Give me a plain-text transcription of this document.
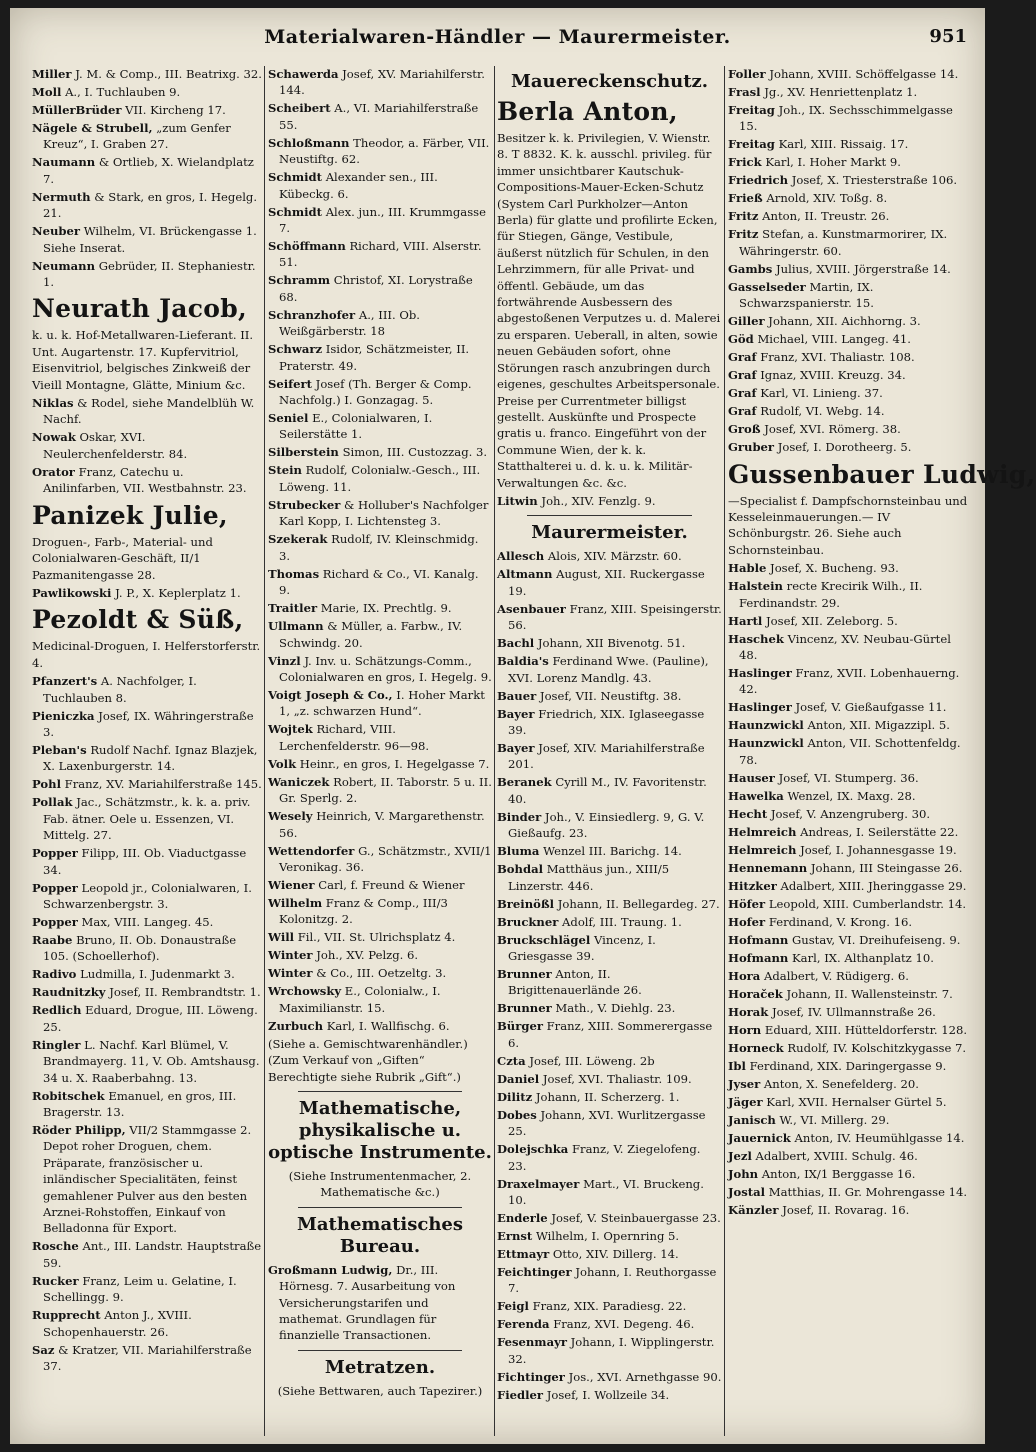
Materialwaren-Händler — Maurermeister.	951
Miller J. M. & Comp., III. Beatrixg. 32.
Moll A., I. Tuchlauben 9.
MüllerBrüder VII. Kircheng 17.
Nägele & Strubell, „zum Genfer Kreuz“, I. Graben 27.
Naumann & Ortlieb, X. Wielandplatz 7.
Nermuth & Stark, en gros, I. Hegelg. 21.
Neuber Wilhelm, VI. Brückengasse 1. Siehe Inserat.
Neumann Gebrüder, II. Stephaniestr. 1.
Neurath Jacob,
k. u. k. Hof-Metallwaren-Lieferant. II. Unt. Augartenstr. 17. Kupfervitriol, Eisenvitriol, belgisches Zinkweiß der Vieill Montagne, Glätte, Minium &c.
Niklas & Rodel, siehe Mandelblüh W. Nachf.
Nowak Oskar, XVI. Neulerchenfelderstr. 84.
Orator Franz, Catechu u. Anilinfarben, VII. Westbahnstr. 23.
Panizek Julie,
Droguen-, Farb-, Material- und Colonialwaren-Geschäft, II/1 Pazmanitengasse 28.
Pawlikowski J. P., X. Keplerplatz 1.
Pezoldt & Süß,
Medicinal-Droguen, I. Helferstorferstr. 4.
Pfanzert's A. Nachfolger, I. Tuchlauben 8.
Pieniczka Josef, IX. Währingerstraße 3.
Pleban's Rudolf Nachf. Ignaz Blazjek, X. Laxenburgerstr. 14.
Pohl Franz, XV. Mariahilferstraße 145.
Pollak Jac., Schätzmstr., k. k. a. priv. Fab. ätner. Oele u. Essenzen, VI. Mittelg. 27.
Popper Filipp, III. Ob. Viaductgasse 34.
Popper Leopold jr., Colonialwaren, I. Schwarzenbergstr. 3.
Popper Max, VIII. Langeg. 45.
Raabe Bruno, II. Ob. Donaustraße 105. (Schoellerhof).
Radivo Ludmilla, I. Judenmarkt 3.
Raudnitzky Josef, II. Rembrandtstr. 1.
Redlich Eduard, Drogue, III. Löweng. 25.
Ringler L. Nachf. Karl Blümel, V. Brandmayerg. 11, V. Ob. Amtshausg. 34 u. X. Raaberbahng. 13.
Robitschek Emanuel, en gros, III. Bragerstr. 13.
Röder Philipp, VII/2 Stammgasse 2. Depot roher Droguen, chem. Präparate, französischer u. inländischer Specialitäten, feinst gemahlener Pulver aus den besten Arznei-Rohstoffen, Einkauf von Belladonna für Export.
Rosche Ant., III. Landstr. Hauptstraße 59.
Rucker Franz, Leim u. Gelatine, I. Schellingg. 9.
Rupprecht Anton J., XVIII. Schopenhauerstr. 26.
Saz & Kratzer, VII. Mariahilferstraße 37.
Schawerda Josef, XV. Mariahilferstr. 144.
Scheibert A., VI. Mariahilferstraße 55.
Schloßmann Theodor, a. Färber, VII. Neustiftg. 62.
Schmidt Alexander sen., III. Kübeckg. 6.
Schmidt Alex. jun., III. Krummgasse 7.
Schöffmann Richard, VIII. Alserstr. 51.
Schramm Christof, XI. Lorystraße 68.
Schranzhofer A., III. Ob. Weißgärberstr. 18
Schwarz Isidor, Schätzmeister, II. Praterstr. 49.
Seifert Josef (Th. Berger & Comp. Nachfolg.) I. Gonzagag. 5.
Seniel E., Colonialwaren, I. Seilerstätte 1.
Silberstein Simon, III. Custozzag. 3.
Stein Rudolf, Colonialw.-Gesch., III. Löweng. 11.
Strubecker & Holluber's Nachfolger Karl Kopp, I. Lichtensteg 3.
Szekerak Rudolf, IV. Kleinschmidg. 3.
Thomas Richard & Co., VI. Kanalg. 9.
Traitler Marie, IX. Prechtlg. 9.
Ullmann & Müller, a. Farbw., IV. Schwindg. 20.
Vinzl J. Inv. u. Schätzungs-Comm., Colonialwaren en gros, I. Hegelg. 9.
Voigt Joseph & Co., I. Hoher Markt 1, „z. schwarzen Hund“.
Wojtek Richard, VIII. Lerchenfelderstr. 96—98.
Volk Heinr., en gros, I. Hegelgasse 7.
Waniczek Robert, II. Taborstr. 5 u. II. Gr. Sperlg. 2.
Wesely Heinrich, V. Margarethenstr. 56.
Wettendorfer G., Schätzmstr., XVII/1 Veronikag. 36.
Wiener Carl, f. Freund & Wiener
Wilhelm Franz & Comp., III/3 Kolonitzg. 2.
Will Fil., VII. St. Ulrichsplatz 4.
Winter Joh., XV. Pelzg. 6.
Winter & Co., III. Oetzeltg. 3.
Wrchowsky E., Colonialw., I. Maximilianstr. 15.
Zurbuch Karl, I. Wallfischg. 6.
(Siehe a. Gemischtwarenhändler.) (Zum Verkauf von „Giften“ Berechtigte siehe Rubrik „Gift“.)
Mathematische, physikalische u. optische Instrumente.
(Siehe Instrumentenmacher, 2. Mathematische &c.)
Mathematisches Bureau.
Großmann Ludwig, Dr., III. Hörnesg. 7. Ausarbeitung von Versicherungstarifen und mathemat. Grundlagen für finanzielle Transactionen.
Metratzen.
(Siehe Bettwaren, auch Tapezirer.)
Mauereckenschutz.
Berla Anton,
Besitzer k. k. Privilegien, V. Wienstr. 8. T 8832. K. k. ausschl. privileg. für immer unsichtbarer Kautschuk-Compositions-Mauer-Ecken-Schutz (System Carl Purkholzer—Anton Berla) für glatte und profilirte Ecken, für Stiegen, Gänge, Vestibule, äußerst nützlich für Schulen, in den Lehrzimmern, für alle Privat- und öffentl. Gebäude, um das fortwährende Ausbessern des abgestoßenen Verputzes u. d. Malerei zu ersparen. Ueberall, in alten, sowie neuen Gebäuden sofort, ohne Störungen rasch anzubringen durch eigenes, geschultes Arbeitspersonale. Preise per Currentmeter billigst gestellt. Auskünfte und Prospecte gratis u. franco. Eingeführt von der Commune Wien, der k. k. Statthalterei u. d. k. u. k. Militär-Verwaltungen &c. &c.
Litwin Joh., XIV. Fenzlg. 9.
Maurermeister.
Allesch Alois, XIV. Märzstr. 60.
Altmann August, XII. Ruckergasse 19.
Asenbauer Franz, XIII. Speisingerstr. 56.
Bachl Johann, XII Bivenotg. 51.
Baldia's Ferdinand Wwe. (Pauline), XVI. Lorenz Mandlg. 43.
Bauer Josef, VII. Neustiftg. 38.
Bayer Friedrich, XIX. Iglaseegasse 39.
Bayer Josef, XIV. Mariahilferstraße 201.
Beranek Cyrill M., IV. Favoritenstr. 40.
Binder Joh., V. Einsiedlerg. 9, G. V. Gießaufg. 23.
Bluma Wenzel III. Barichg. 14.
Bohdal Matthäus jun., XIII/5 Linzerstr. 446.
Breinößl Johann, II. Bellegardeg. 27.
Bruckner Adolf, III. Traung. 1.
Bruckschlägel Vincenz, I. Griesgasse 39.
Brunner Anton, II. Brigittenauerlände 26.
Brunner Math., V. Diehlg. 23.
Bürger Franz, XIII. Sommerergasse 6.
Czta Josef, III. Löweng. 2b
Daniel Josef, XVI. Thaliastr. 109.
Dilitz Johann, II. Scherzerg. 1.
Dobes Johann, XVI. Wurlitzergasse 25.
Dolejschka Franz, V. Ziegelofeng. 23.
Draxelmayer Mart., VI. Bruckeng. 10.
Enderle Josef, V. Steinbauergasse 23.
Ernst Wilhelm, I. Opernring 5.
Ettmayr Otto, XIV. Dillerg. 14.
Feichtinger Johann, I. Reuthorgasse 7.
Feigl Franz, XIX. Paradiesg. 22.
Ferenda Franz, XVI. Degeng. 46.
Fesenmayr Johann, I. Wipplingerstr. 32.
Fichtinger Jos., XVI. Arnethgasse 90.
Fiedler Josef, I. Wollzeile 34.
Foller Johann, XVIII. Schöffelgasse 14.
Frasl Jg., XV. Henriettenplatz 1.
Freitag Joh., IX. Sechsschimmelgasse 15.
Freitag Karl, XIII. Rissaig. 17.
Frick Karl, I. Hoher Markt 9.
Friedrich Josef, X. Triesterstraße 106.
Frieß Arnold, XIV. Toßg. 8.
Fritz Anton, II. Treustr. 26.
Fritz Stefan, a. Kunstmarmorirer, IX. Währingerstr. 60.
Gambs Julius, XVIII. Jörgerstraße 14.
Gasselseder Martin, IX. Schwarzspanierstr. 15.
Giller Johann, XII. Aichhorng. 3.
Göd Michael, VIII. Langeg. 41.
Graf Franz, XVI. Thaliastr. 108.
Graf Ignaz, XVIII. Kreuzg. 34.
Graf Karl, VI. Linieng. 37.
Graf Rudolf, VI. Webg. 14.
Groß Josef, XVI. Römerg. 38.
Gruber Josef, I. Dorotheerg. 5.
Gussenbauer Ludwig,
—Specialist f. Dampfschornsteinbau und Kesseleinmauerungen.— IV Schönburgstr. 26. Siehe auch Schornsteinbau.
Hable Josef, X. Bucheng. 93.
Halstein recte Krecirik Wilh., II. Ferdinandstr. 29.
Hartl Josef, XII. Zeleborg. 5.
Haschek Vincenz, XV. Neubau-Gürtel 48.
Haslinger Franz, XVII. Lobenhauerng. 42.
Haslinger Josef, V. Gießaufgasse 11.
Haunzwickl Anton, XII. Migazzipl. 5.
Haunzwickl Anton, VII. Schottenfeldg. 78.
Hauser Josef, VI. Stumperg. 36.
Hawelka Wenzel, IX. Maxg. 28.
Hecht Josef, V. Anzengruberg. 30.
Helmreich Andreas, I. Seilerstätte 22.
Helmreich Josef, I. Johannesgasse 19.
Hennemann Johann, III Steingasse 26.
Hitzker Adalbert, XIII. Jheringgasse 29.
Höfer Leopold, XIII. Cumberlandstr. 14.
Hofer Ferdinand, V. Krong. 16.
Hofmann Gustav, VI. Dreihufeiseng. 9.
Hofmann Karl, IX. Althanplatz 10.
Hora Adalbert, V. Rüdigerg. 6.
Horaček Johann, II. Wallensteinstr. 7.
Horak Josef, IV. Ullmannstraße 26.
Horn Eduard, XIII. Hütteldorferstr. 128.
Horneck Rudolf, IV. Kolschitzkygasse 7.
Ibl Ferdinand, XIX. Daringergasse 9.
Jyser Anton, X. Senefelderg. 20.
Jäger Karl, XVII. Hernalser Gürtel 5.
Janisch W., VI. Millerg. 29.
Jauernick Anton, IV. Heumühlgasse 14.
Jezl Adalbert, XVIII. Schulg. 46.
John Anton, IX/1 Berggasse 16.
Jostal Matthias, II. Gr. Mohrengasse 14.
Känzler Josef, II. Rovarag. 16.
